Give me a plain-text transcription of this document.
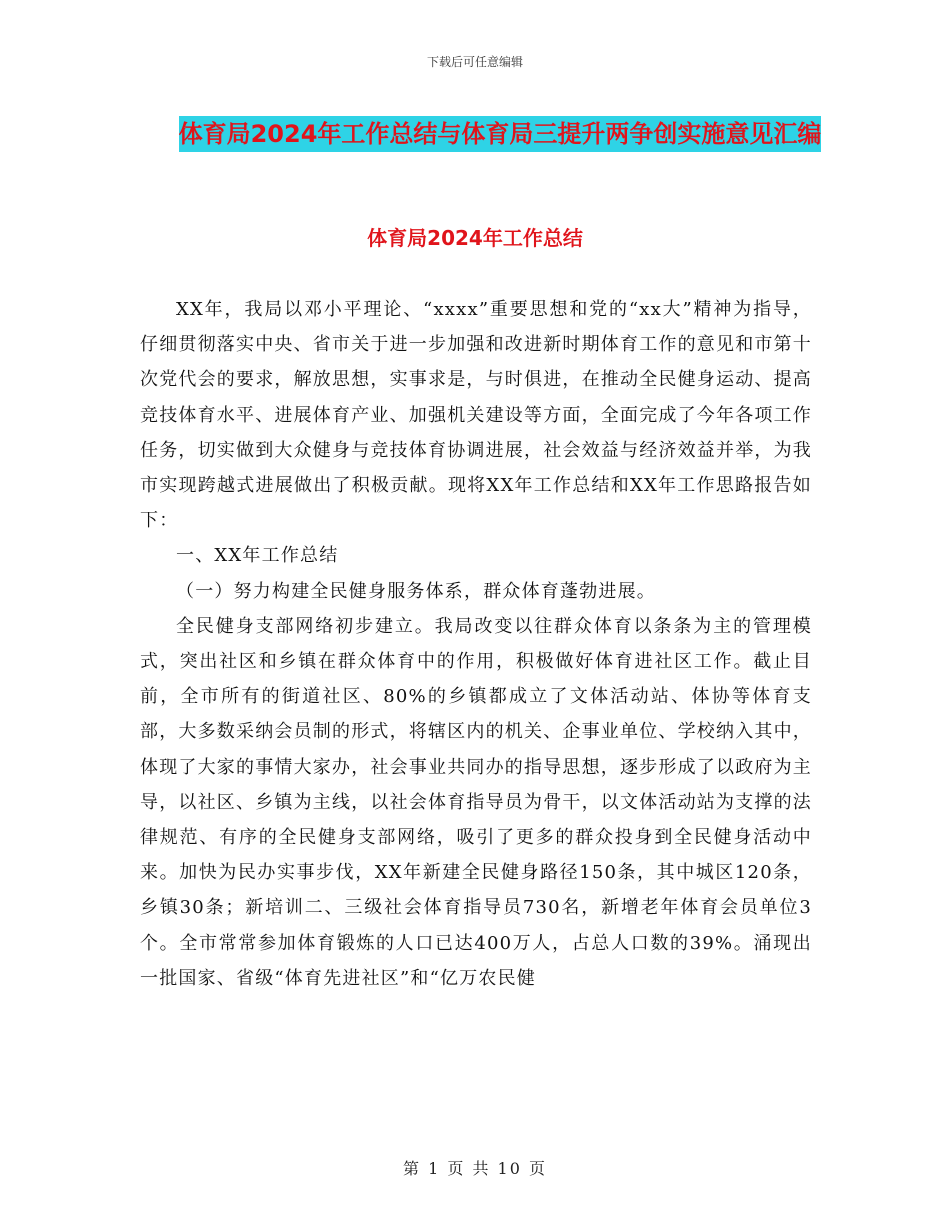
下载后可任意编辑
体育局2024年工作总结与体育局三提升两争创实施意见汇编
体育局2024年工作总结

XX年，我局以邓小平理论、“xxxx”重要思想和党的“xx大”精神为指导，仔细贯彻落实中央、省市关于进一步加强和改进新时期体育工作的意见和市第十次党代会的要求，解放思想，实事求是，与时俱进，在推动全民健身运动、提高竞技体育水平、进展体育产业、加强机关建设等方面，全面完成了今年各项工作任务，切实做到大众健身与竞技体育协调进展，社会效益与经济效益并举，为我市实现跨越式进展做出了积极贡献。现将XX年工作总结和XX年工作思路报告如下：

一、XX年工作总结

（一）努力构建全民健身服务体系，群众体育蓬勃进展。

全民健身支部网络初步建立。我局改变以往群众体育以条条为主的管理模式，突出社区和乡镇在群众体育中的作用，积极做好体育进社区工作。截止目前，全市所有的街道社区、80%的乡镇都成立了文体活动站、体协等体育支部，大多数采纳会员制的形式，将辖区内的机关、企事业单位、学校纳入其中，体现了大家的事情大家办，社会事业共同办的指导思想，逐步形成了以政府为主导，以社区、乡镇为主线，以社会体育指导员为骨干，以文体活动站为支撑的法律规范、有序的全民健身支部网络，吸引了更多的群众投身到全民健身活动中来。加快为民办实事步伐，XX年新建全民健身路径150条，其中城区120条，乡镇30条；新培训二、三级社会体育指导员730名，新增老年体育会员单位3个。全市常常参加体育锻炼的人口已达400万人，占总人口数的39%。涌现出一批国家、省级“体育先进社区”和“亿万农民健

第 1 页 共 10 页
